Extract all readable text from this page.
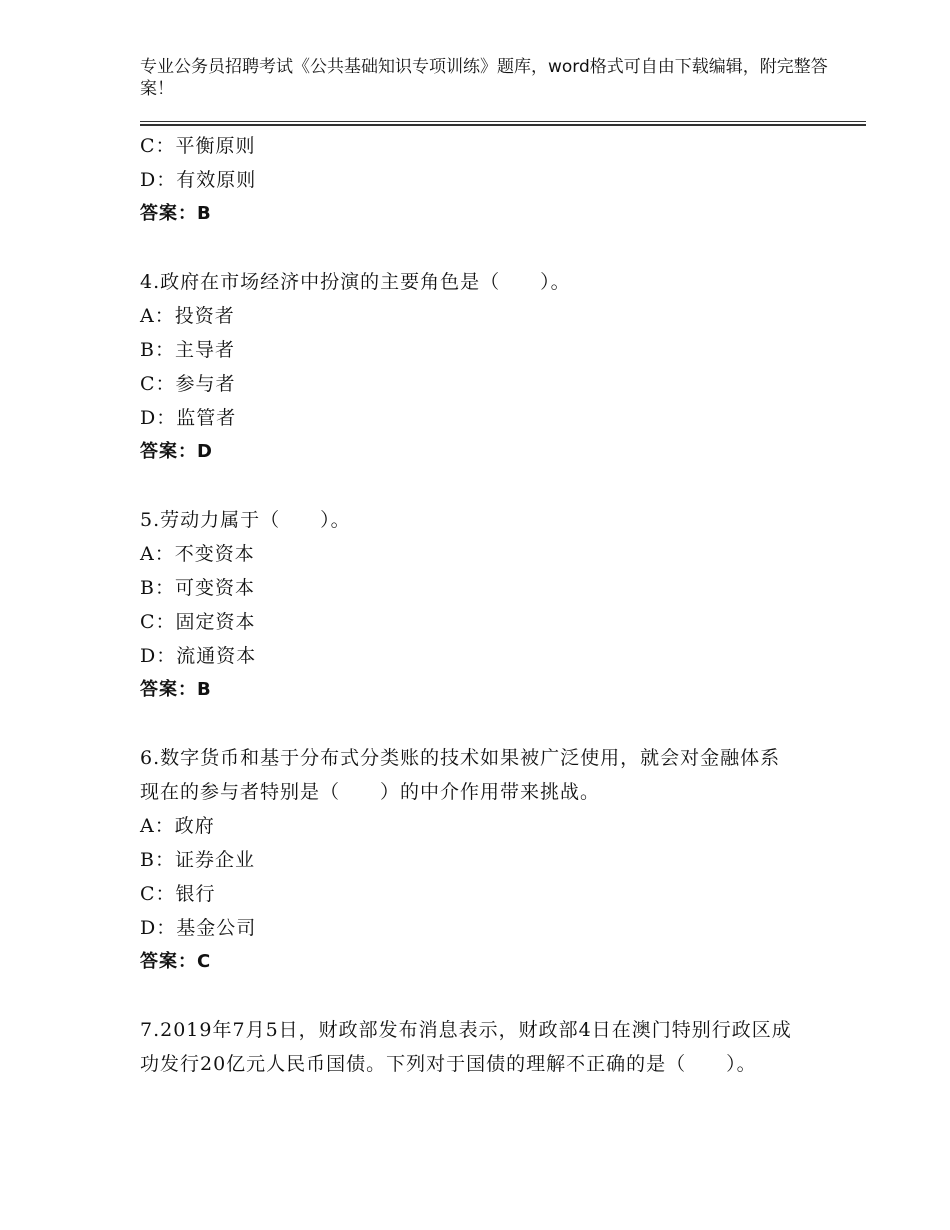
专业公务员招聘考试《公共基础知识专项训练》题库，word格式可自由下载编辑，附完整答案！
C：平衡原则
D：有效原则
答案：B
4.政府在市场经济中扮演的主要角色是（　　）。
A：投资者
B：主导者
C：参与者
D：监管者
答案：D
5.劳动力属于（　　）。
A：不变资本
B：可变资本
C：固定资本
D：流通资本
答案：B
6.数字货币和基于分布式分类账的技术如果被广泛使用，就会对金融体系现在的参与者特别是（　　）的中介作用带来挑战。
A：政府
B：证券企业
C：银行
D：基金公司
答案：C
7.2019年7月5日，财政部发布消息表示，财政部4日在澳门特别行政区成功发行20亿元人民币国债。下列对于国债的理解不正确的是（　　）。
